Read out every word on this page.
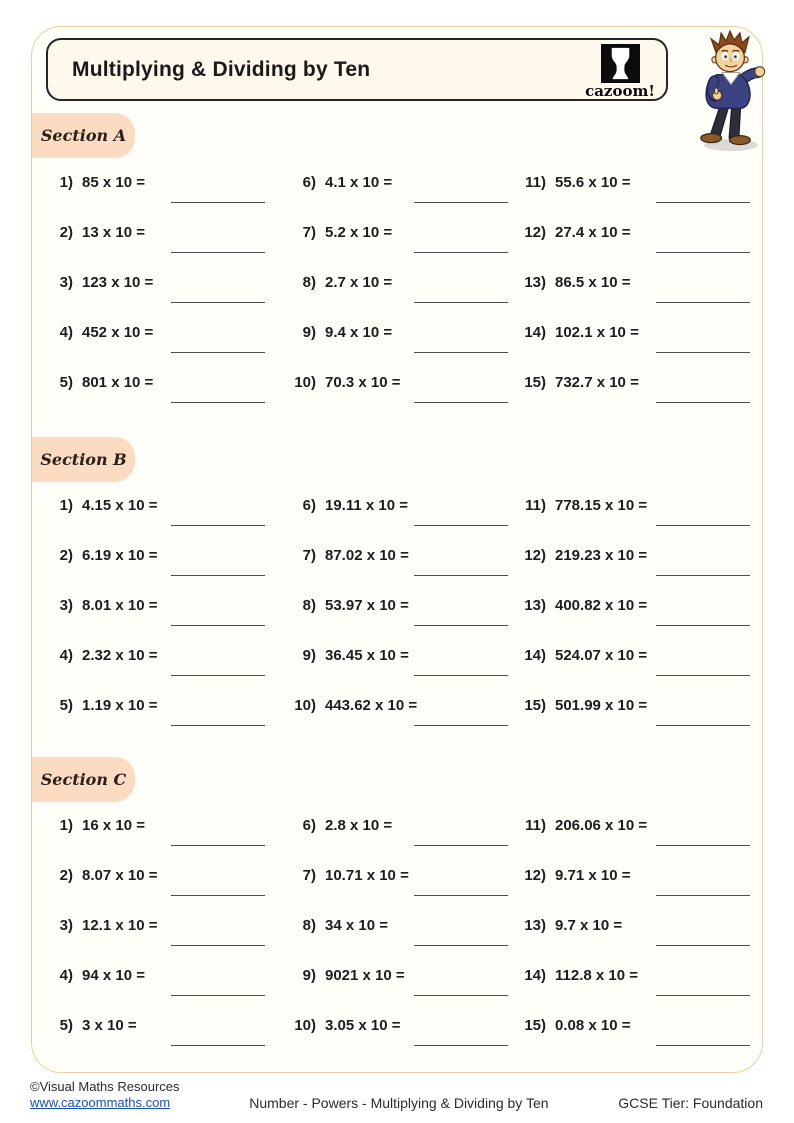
Multiplying & Dividing by Ten
cazoom!
Section A
1) 85 x 10 =
2) 13 x 10 =
3) 123 x 10 =
4) 452 x 10 =
5) 801 x 10 =
6) 4.1 x 10 =
7) 5.2 x 10 =
8) 2.7 x 10 =
9) 9.4 x 10 =
10) 70.3 x 10 =
11) 55.6 x 10 =
12) 27.4 x 10 =
13) 86.5 x 10 =
14) 102.1 x 10 =
15) 732.7 x 10 =
Section B
1) 4.15 x 10 =
2) 6.19 x 10 =
3) 8.01 x 10 =
4) 2.32 x 10 =
5) 1.19 x 10 =
6) 19.11 x 10 =
7) 87.02 x 10 =
8) 53.97 x 10 =
9) 36.45 x 10 =
10) 443.62 x 10 =
11) 778.15 x 10 =
12) 219.23 x 10 =
13) 400.82 x 10 =
14) 524.07 x 10 =
15) 501.99 x 10 =
Section C
1) 16 x 10 =
2) 8.07 x 10 =
3) 12.1 x 10 =
4) 94 x 10 =
5) 3 x 10 =
6) 2.8 x 10 =
7) 10.71 x 10 =
8) 34 x 10 =
9) 9021 x 10 =
10) 3.05 x 10 =
11) 206.06 x 10 =
12) 9.71 x 10 =
13) 9.7 x 10 =
14) 112.8 x 10 =
15) 0.08 x 10 =
©Visual Maths Resources
www.cazoommaths.com	Number - Powers - Multiplying & Dividing by Ten	GCSE Tier: Foundation
